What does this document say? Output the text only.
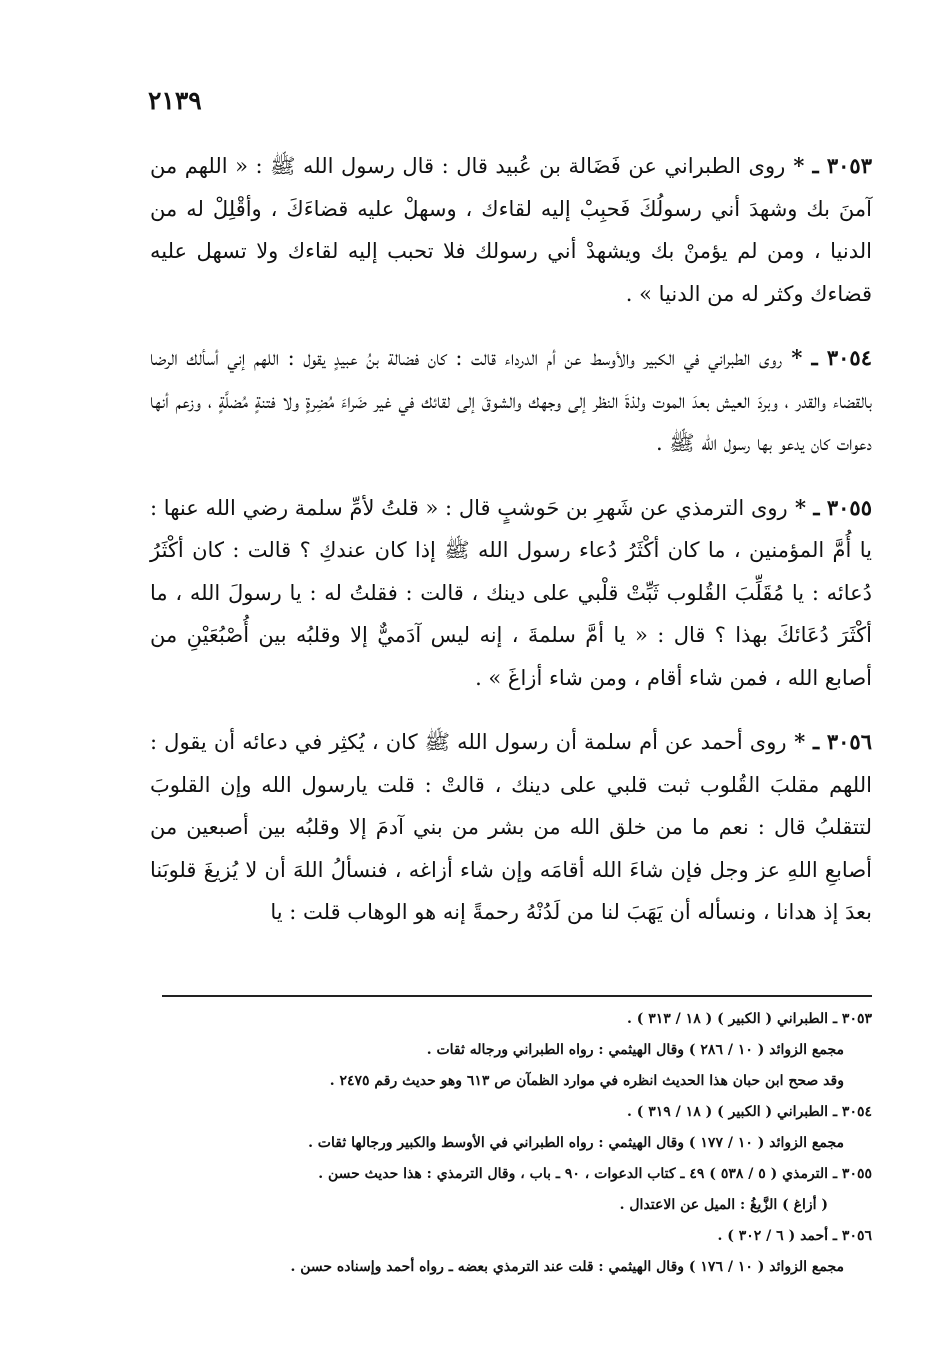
٢١٣٩

٣٠٥٣ ـ * روى الطبراني عن فَضَالة بن عُبيد قال : قال رسول الله ﷺ : « اللهم من آمنَ بك وشهدَ أني رسولُكَ فَحبِبْ إليه لقاءك ، وسهلْ عليه قضاءَكَ ، وأقْلِلْ له من الدنيا ، ومن لم يؤمنْ بك ويشهدْ أني رسولك فلا تحبب إليه لقاءك ولا تسهل عليه قضاءك وكثر له من الدنيا » .

٣٠٥٤ ـ * روى الطبراني في الكبير والأوسط عن أم الدرداء قالت : كان فضالة بنُ عبيدٍ يقول : اللهم إني أسألك الرضا بالقضاء والقدر ، وبردَ العيش بعدَ الموت ولذةَ النظر إلى وجهك والشوقَ إلى لقائك في غير ضَراءَ مُضِرةٍ ولا فتنةٍ مُضلَّةٍ ، وزعم أنها دعوات كان يدعو بها رسول الله ﷺ .

٣٠٥٥ ـ * روى الترمذي عن شَهرِ بن حَوشبٍ قال : « قلتُ لأمِّ سلمة رضي الله عنها : يا أُمَّ المؤمنين ، ما كان أكْثَرُ دُعاء رسول الله ﷺ إذا كان عندكِ ؟ قالت : كان أكْثَرُ دُعائه : يا مُقَلِّبَ القُلوب ثَبِّتْ قلْبي على دينك ، قالت : فقلتُ له : يا رسولَ الله ، ما أكْثَرَ دُعَائكَ بهذا ؟ قال : « يا أمَّ سلمةَ ، إنه ليس آدَميٌّ إلا وقلبُه بين أُصْبُعَيْنِ من أصابع الله ، فمن شاء أقام ، ومن شاء أزاغَ » .

٣٠٥٦ ـ * روى أحمد عن أم سلمة أن رسول الله ﷺ كان ، يُكثِر في دعائه أن يقول : اللهم مقلبَ القُلوب ثبت قلبي على دينك ، قالتْ : قلت يارسول الله وإن القلوبَ لتتقلبُ قال : نعم ما من خلق الله من بشر من بني آدمَ إلا وقلبُه بين أصبعين من أصابعِ اللهِ عز وجل فإن شاءَ الله أقامَه وإن شاء أزاغه ، فنسألُ اللهَ أن لا يُزيغَ قلوبَنا بعدَ إذ هدانا ، ونسأله أن يَهَبَ لنا من لَدُنْهُ رحمةً إنه هو الوهاب قلت : يا

٣٠٥٣ ـ الطبراني ( الكبير ) ( ١٨ / ٣١٣ ) .
مجمع الزوائد ( ١٠ / ٢٨٦ ) وقال الهيثمي : رواه الطبراني ورجاله ثقات .
وقد صحح ابن حبان هذا الحديث انظره في موارد الظمآن ص ٦١٣ وهو حديث رقم ٢٤٧٥ .
٣٠٥٤ ـ الطبراني ( الكبير ) ( ١٨ / ٣١٩ ) .
مجمع الزوائد ( ١٠ / ١٧٧ ) وقال الهيثمي : رواه الطبراني في الأوسط والكبير ورجالها ثقات .
٣٠٥٥ ـ الترمذي ( ٥ / ٥٣٨ ) ٤٩ ـ كتاب الدعوات ، ٩٠ ـ باب ، وقال الترمذي : هذا حديث حسن .
( أزاغ ) الزَّيغُ : الميل عن الاعتدال .
٣٠٥٦ ـ أحمد ( ٦ / ٣٠٢ ) .
مجمع الزوائد ( ١٠ / ١٧٦ ) وقال الهيثمي : قلت عند الترمذي بعضه ـ رواه أحمد وإسناده حسن .
